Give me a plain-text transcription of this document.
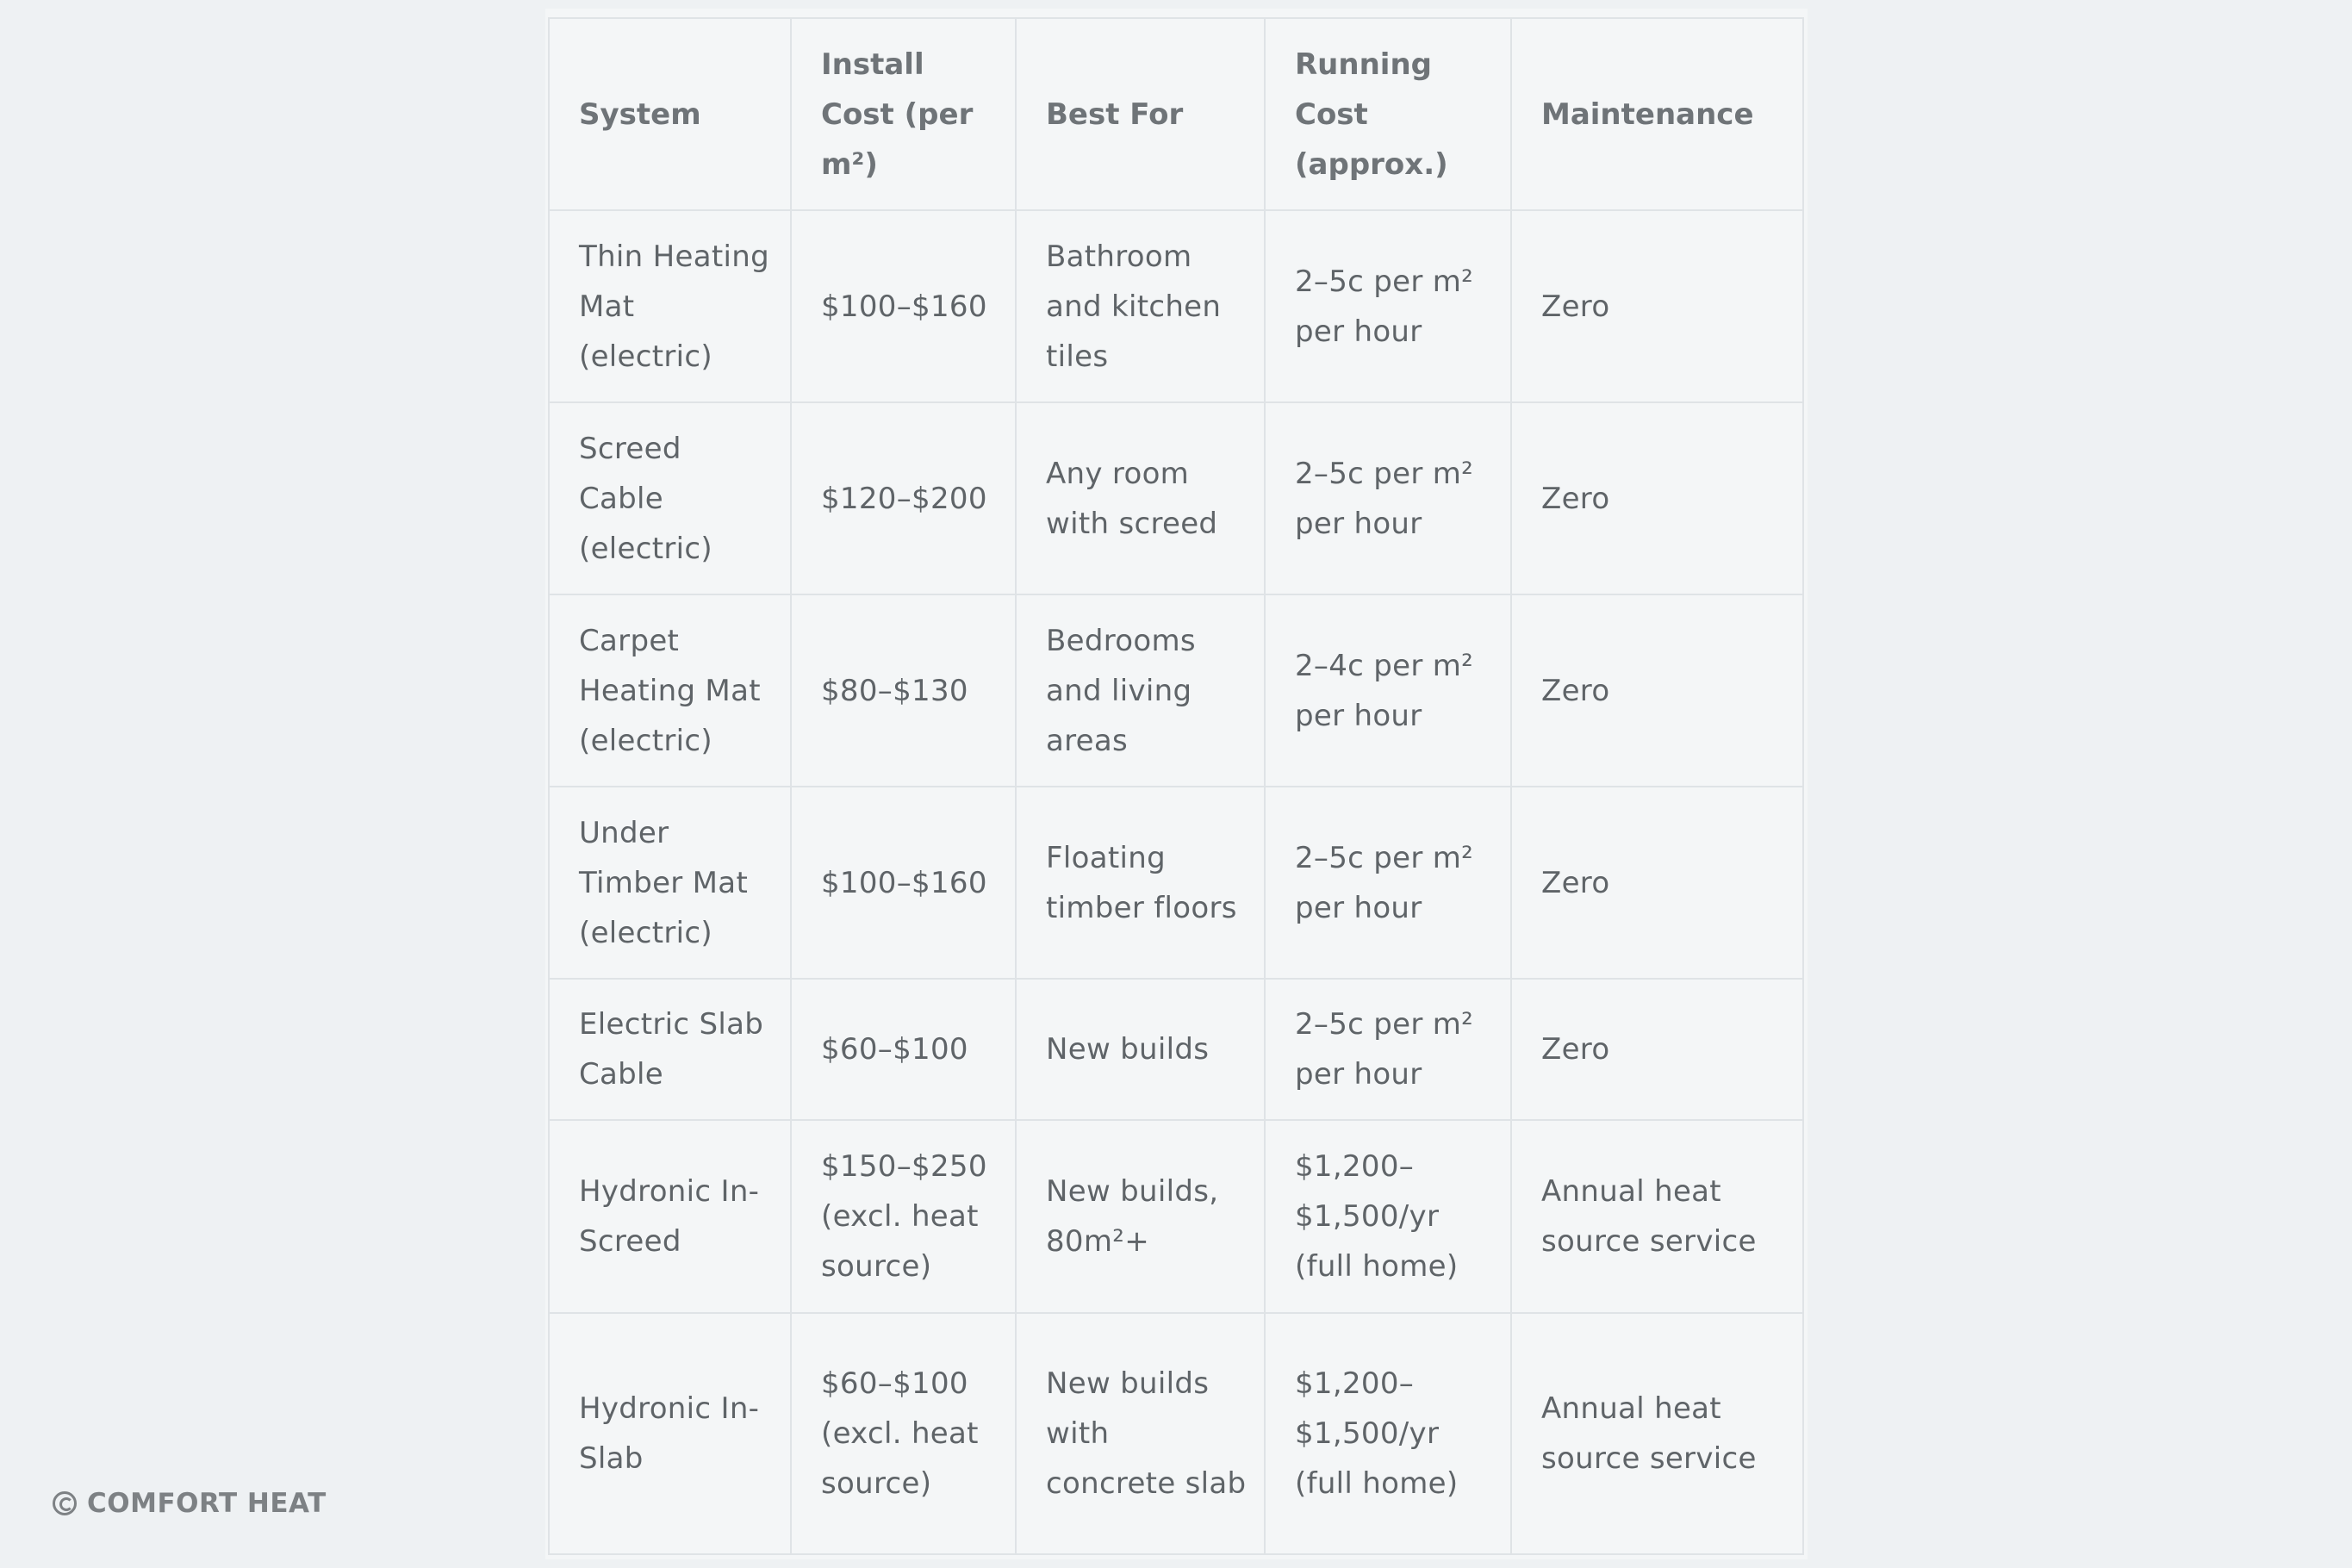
System	Install Cost (per m²)	Best For	Running Cost (approx.)	Maintenance
Thin Heating Mat (electric)	$100–$160	Bathroom and kitchen tiles	2–5c per m² per hour	Zero
Screed Cable (electric)	$120–$200	Any room with screed	2–5c per m² per hour	Zero
Carpet Heating Mat (electric)	$80–$130	Bedrooms and living areas	2–4c per m² per hour	Zero
Under Timber Mat (electric)	$100–$160	Floating timber floors	2–5c per m² per hour	Zero
Electric Slab Cable	$60–$100	New builds	2–5c per m² per hour	Zero
Hydronic In-Screed	$150–$250 (excl. heat source)	New builds, 80m²+	$1,200–$1,500/yr (full home)	Annual heat source service
Hydronic In-Slab	$60–$100 (excl. heat source)	New builds with concrete slab	$1,200–$1,500/yr (full home)	Annual heat source service
COMFORT HEAT
